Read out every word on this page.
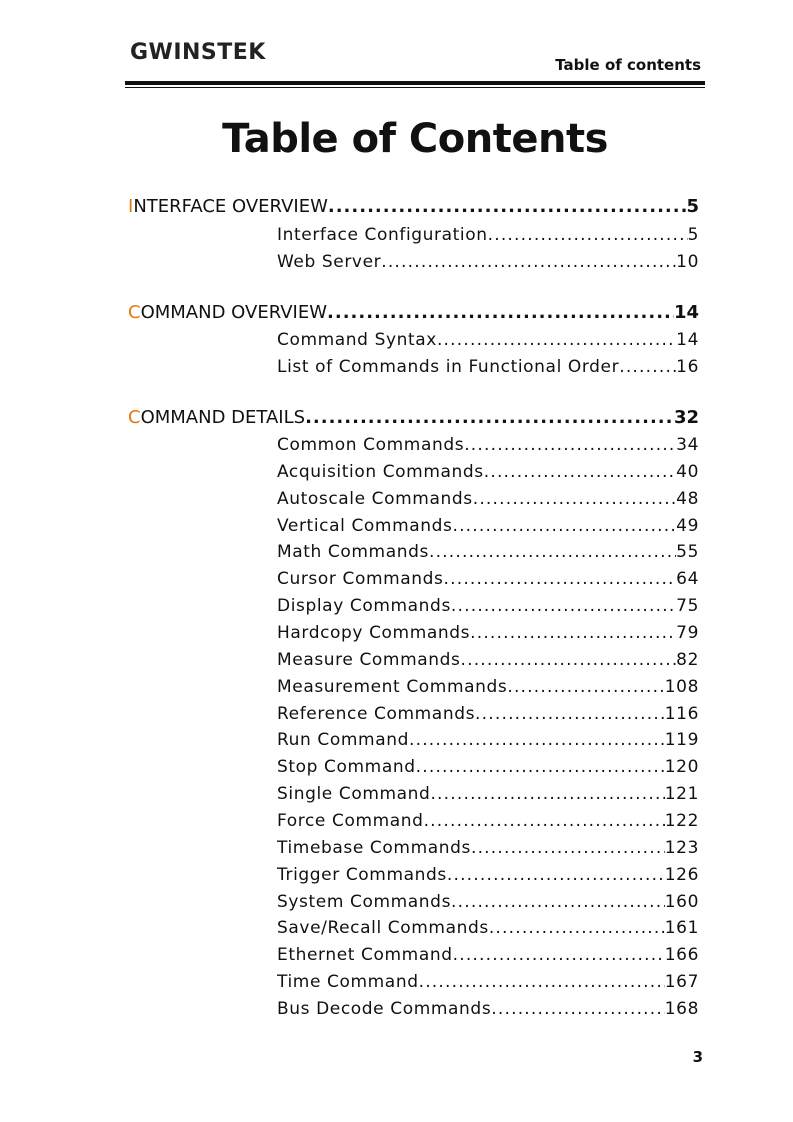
GWINSTEK	Table of contents
Table of Contents
INTERFACE OVERVIEW .....	5
Interface Configuration .....	5
Web Server .....	10
COMMAND OVERVIEW .....	14
Command Syntax .....	14
List of Commands in Functional Order .....	16
COMMAND DETAILS .....	32
Common Commands .....	34
Acquisition Commands .....	40
Autoscale Commands .....	48
Vertical Commands .....	49
Math Commands .....	55
Cursor Commands .....	64
Display Commands .....	75
Hardcopy Commands .....	79
Measure Commands .....	82
Measurement Commands .....	108
Reference Commands .....	116
Run Command .....	119
Stop Command .....	120
Single Command .....	121
Force Command .....	122
Timebase Commands .....	123
Trigger Commands .....	126
System Commands .....	160
Save/Recall Commands .....	161
Ethernet Command .....	166
Time Command .....	167
Bus Decode Commands .....	168
3
